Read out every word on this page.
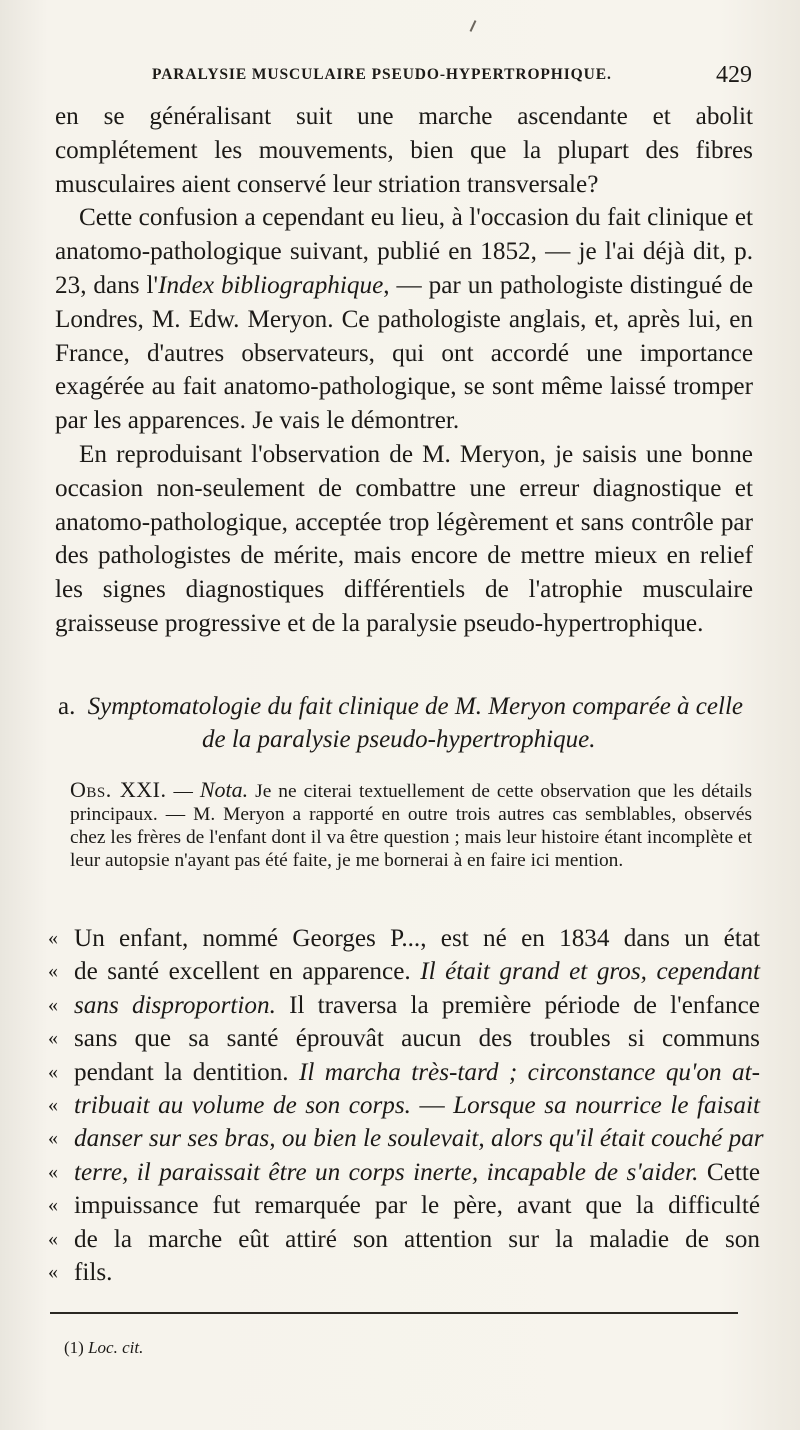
PARALYSIE MUSCULAIRE PSEUDO-HYPERTROPHIQUE.	429

en se généralisant suit une marche ascendante et abolit complétement les mouvements, bien que la plupart des fibres musculaires aient conservé leur striation transversale?

Cette confusion a cependant eu lieu, à l'occasion du fait clinique et anatomo-pathologique suivant, publié en 1852, — je l'ai déjà dit, p. 23, dans l'Index bibliographique, — par un pathologiste distingué de Londres, M. Edw. Meryon. Ce pathologiste anglais, et, après lui, en France, d'autres observateurs, qui ont accordé une importance exagérée au fait anatomo-pathologique, se sont même laissé tromper par les apparences. Je vais le démontrer.

En reproduisant l'observation de M. Meryon, je saisis une bonne occasion non-seulement de combattre une erreur diagnostique et anatomo-pathologique, acceptée trop légèrement et sans contrôle par des pathologistes de mérite, mais encore de mettre mieux en relief les signes diagnostiques différentiels de l'atrophie musculaire graisseuse progressive et de la paralysie pseudo-hypertrophique.

a. Symptomatologie du fait clinique de M. Meryon comparée à celle
de la paralysie pseudo-hypertrophique.
Obs. XXI. — Nota. Je ne citerai textuellement de cette observation que les détails principaux. — M. Meryon a rapporté en outre trois autres cas semblables, observés chez les frères de l'enfant dont il va être question ; mais leur histoire étant incomplète et leur autopsie n'ayant pas été faite, je me bornerai à en faire ici mention.
« Un enfant, nommé Georges P..., est né en 1834 dans un état
« de santé excellent en apparence. Il était grand et gros, cependant
« sans disproportion. Il traversa la première période de l'enfance
« sans que sa santé éprouvât aucun des troubles si communs
« pendant la dentition. Il marcha très-tard ; circonstance qu'on at-
« tribuait au volume de son corps. — Lorsque sa nourrice le faisait
« danser sur ses bras, ou bien le soulevait, alors qu'il était couché par
« terre, il paraissait être un corps inerte, incapable de s'aider. Cette
« impuissance fut remarquée par le père, avant que la difficulté
« de la marche eût attiré son attention sur la maladie de son
« fils.
(1) Loc. cit.
